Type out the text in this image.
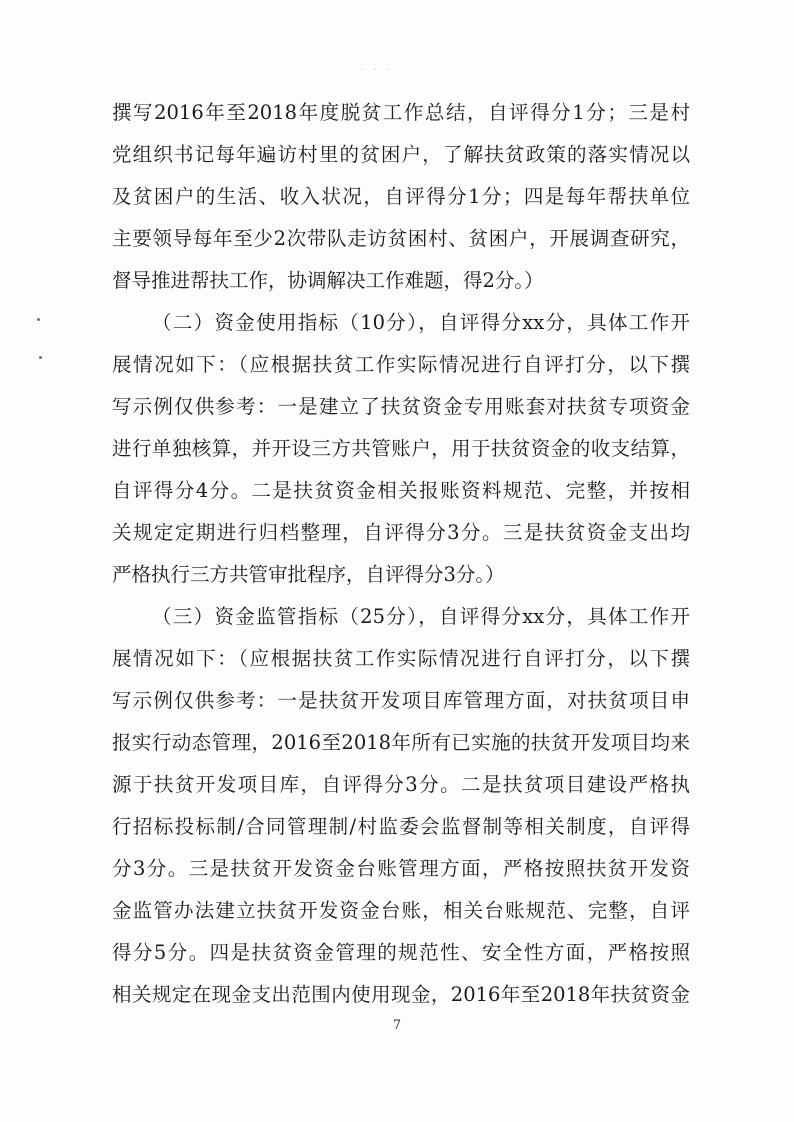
· · ·
撰写2016年至2018年度脱贫工作总结，自评得分1分；三是村
党组织书记每年遍访村里的贫困户，了解扶贫政策的落实情况以
及贫困户的生活、收入状况，自评得分1分；四是每年帮扶单位
主要领导每年至少2次带队走访贫困村、贫困户，开展调查研究，
督导推进帮扶工作，协调解决工作难题，得2分。）
（二）资金使用指标（10分），自评得分xx分，具体工作开
展情况如下：（应根据扶贫工作实际情况进行自评打分，以下撰
写示例仅供参考：一是建立了扶贫资金专用账套对扶贫专项资金
进行单独核算，并开设三方共管账户，用于扶贫资金的收支结算，
自评得分4分。二是扶贫资金相关报账资料规范、完整，并按相
关规定定期进行归档整理，自评得分3分。三是扶贫资金支出均
严格执行三方共管审批程序，自评得分3分。）
（三）资金监管指标（25分），自评得分xx分，具体工作开
展情况如下：（应根据扶贫工作实际情况进行自评打分，以下撰
写示例仅供参考：一是扶贫开发项目库管理方面，对扶贫项目申
报实行动态管理，2016至2018年所有已实施的扶贫开发项目均来
源于扶贫开发项目库，自评得分3分。二是扶贫项目建设严格执
行招标投标制/合同管理制/村监委会监督制等相关制度，自评得
分3分。三是扶贫开发资金台账管理方面，严格按照扶贫开发资
金监管办法建立扶贫开发资金台账，相关台账规范、完整，自评
得分5分。四是扶贫资金管理的规范性、安全性方面，严格按照
相关规定在现金支出范围内使用现金，2016年至2018年扶贫资金
7
